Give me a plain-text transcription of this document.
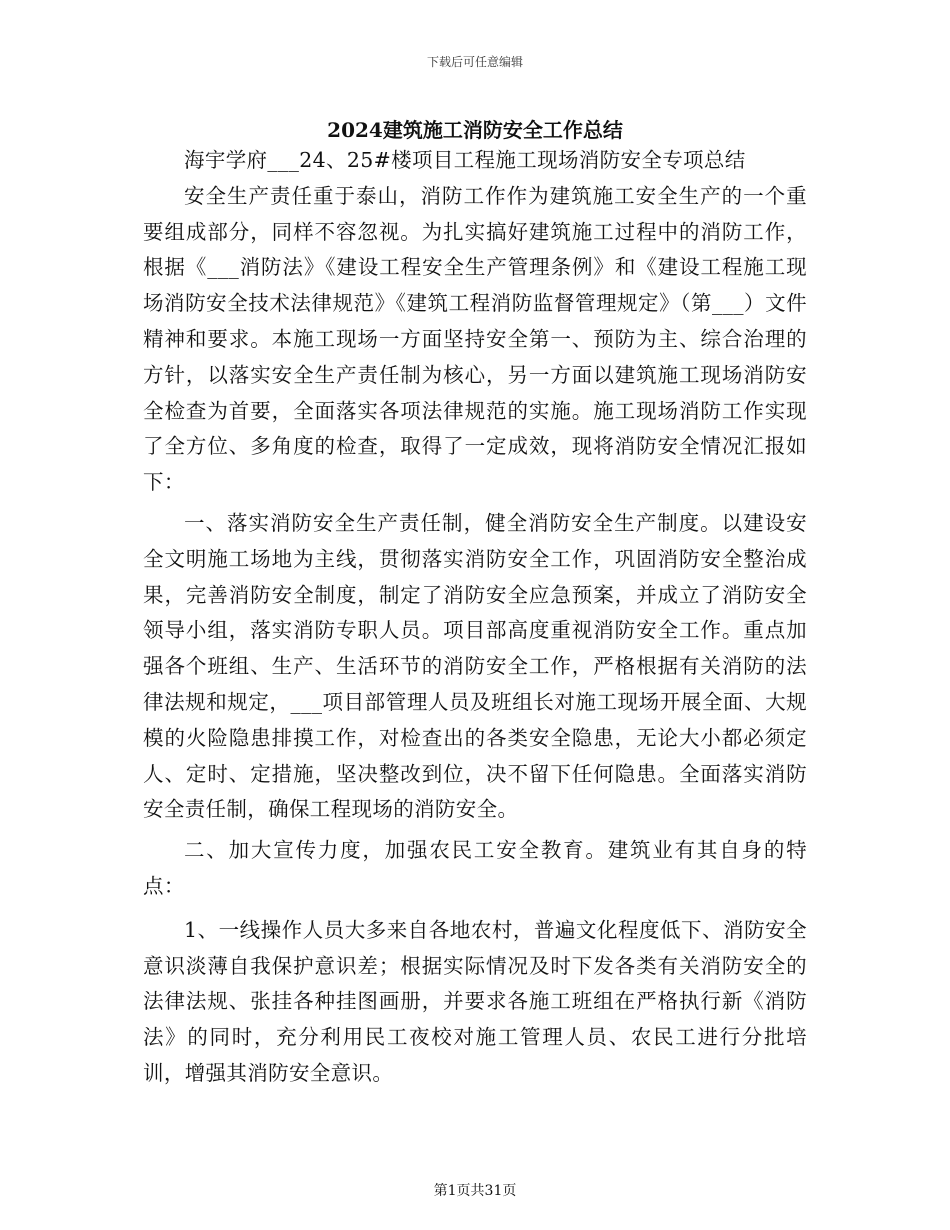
下载后可任意编辑
2024建筑施工消防安全工作总结

海宇学府___24、25#楼项目工程施工现场消防安全专项总结

安全生产责任重于泰山，消防工作作为建筑施工安全生产的一个重要组成部分，同样不容忽视。为扎实搞好建筑施工过程中的消防工作，根据《___消防法》《建设工程安全生产管理条例》和《建设工程施工现场消防安全技术法律规范》《建筑工程消防监督管理规定》（第___）文件精神和要求。本施工现场一方面坚持安全第一、预防为主、综合治理的方针，以落实安全生产责任制为核心，另一方面以建筑施工现场消防安全检查为首要，全面落实各项法律规范的实施。施工现场消防工作实现了全方位、多角度的检查，取得了一定成效，现将消防安全情况汇报如下：

一、落实消防安全生产责任制，健全消防安全生产制度。以建设安全文明施工场地为主线，贯彻落实消防安全工作，巩固消防安全整治成果，完善消防安全制度，制定了消防安全应急预案，并成立了消防安全领导小组，落实消防专职人员。项目部高度重视消防安全工作。重点加强各个班组、生产、生活环节的消防安全工作，严格根据有关消防的法律法规和规定，___项目部管理人员及班组长对施工现场开展全面、大规模的火险隐患排摸工作，对检查出的各类安全隐患，无论大小都必须定人、定时、定措施，坚决整改到位，决不留下任何隐患。全面落实消防安全责任制，确保工程现场的消防安全。

二、加大宣传力度，加强农民工安全教育。建筑业有其自身的特点：

1、一线操作人员大多来自各地农村，普遍文化程度低下、消防安全意识淡薄自我保护意识差；根据实际情况及时下发各类有关消防安全的法律法规、张挂各种挂图画册，并要求各施工班组在严格执行新《消防法》的同时，充分利用民工夜校对施工管理人员、农民工进行分批培训，增强其消防安全意识。

第1页共31页
